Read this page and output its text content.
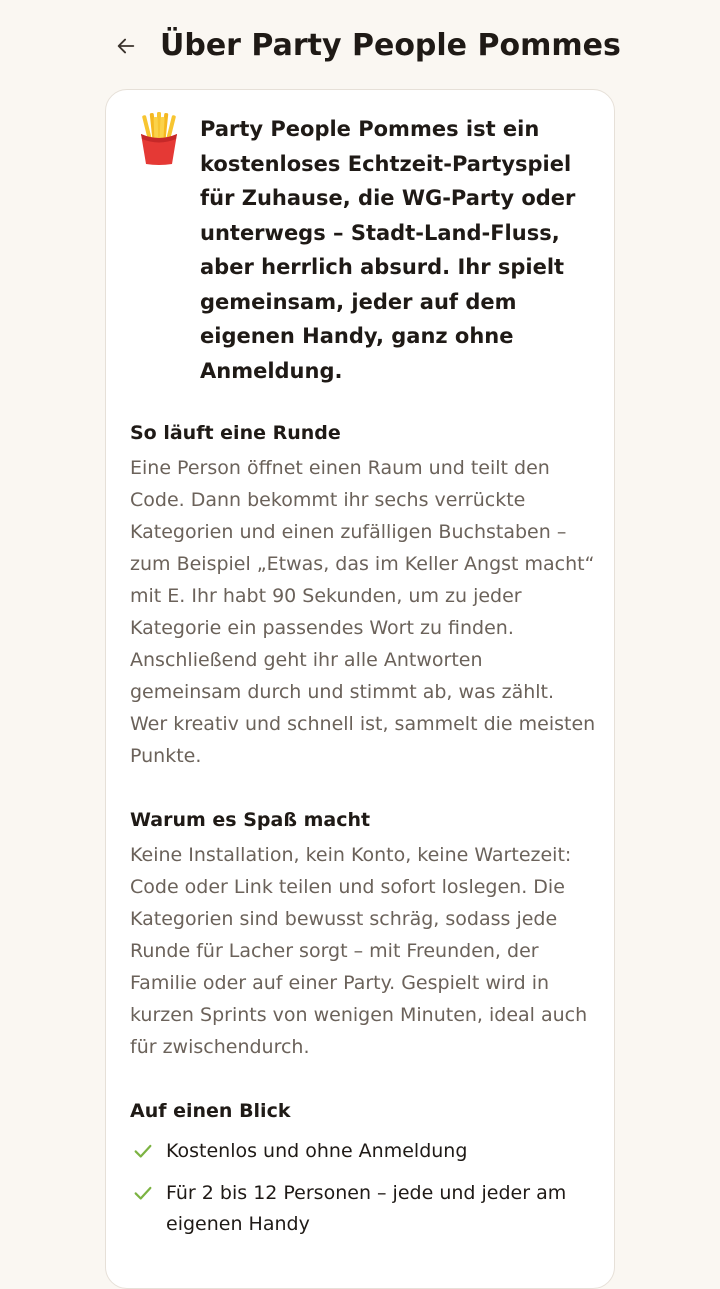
Über Party People Pommes

Party People Pommes ist ein kostenloses Echtzeit-Partyspiel für Zuhause, die WG-Party oder unterwegs – Stadt-Land-Fluss, aber herrlich absurd. Ihr spielt gemeinsam, jeder auf dem eigenen Handy, ganz ohne Anmeldung.

So läuft eine Runde

Eine Person öffnet einen Raum und teilt den Code. Dann bekommt ihr sechs verrückte Kategorien und einen zufälligen Buchstaben – zum Beispiel „Etwas, das im Keller Angst macht“ mit E. Ihr habt 90 Sekunden, um zu jeder Kategorie ein passendes Wort zu finden. Anschließend geht ihr alle Antworten gemeinsam durch und stimmt ab, was zählt. Wer kreativ und schnell ist, sammelt die meisten Punkte.

Warum es Spaß macht

Keine Installation, kein Konto, keine Wartezeit: Code oder Link teilen und sofort loslegen. Die Kategorien sind bewusst schräg, sodass jede Runde für Lacher sorgt – mit Freunden, der Familie oder auf einer Party. Gespielt wird in kurzen Sprints von wenigen Minuten, ideal auch für zwischendurch.

Auf einen Blick
Kostenlos und ohne Anmeldung
Für 2 bis 12 Personen – jede und jeder am eigenen Handy
